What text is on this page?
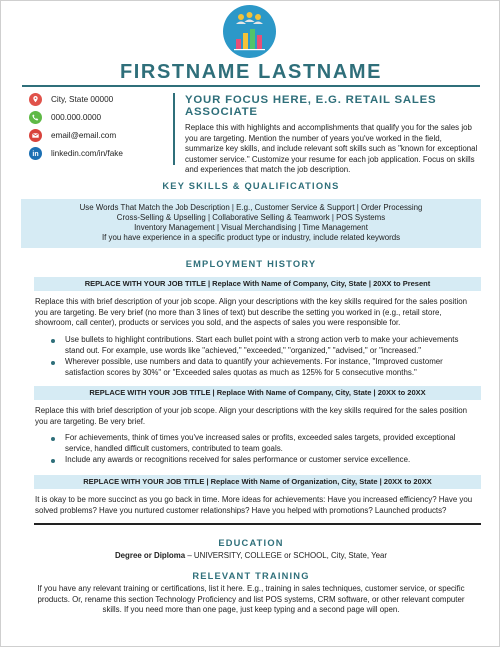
FIRSTNAME LASTNAME
City, State 00000
000.000.0000
email@email.com
in linkedin.com/in/fake
YOUR FOCUS HERE, E.G. RETAIL SALES ASSOCIATE
Replace this with highlights and accomplishments that qualify you for the sales job
you are targeting. Mention the number of years you've worked in the field,
summarize key skills, and include relevant soft skills such as "known for exceptional
customer service." Customize your resume for each job application. Focus on skills
and experiences that match the job description.
KEY SKILLS & QUALIFICATIONS
Use Words That Match the Job Description | E.g., Customer Service & Support | Order Processing
Cross-Selling & Upselling | Collaborative Selling & Teamwork | POS Systems
Inventory Management | Visual Merchandising | Time Management
If you have experience in a specific product type or industry, include related keywords
EMPLOYMENT HISTORY
REPLACE WITH YOUR JOB TITLE | Replace With Name of Company, City, State | 20XX to Present
Replace this with brief description of your job scope. Align your descriptions with the key skills required for the sales position
you are targeting. Be very brief (no more than 3 lines of text) but describe the setting you worked in (e.g., retail store,
showroom, call center), products or services you sold, and the aspects of sales you were responsible for.
Use bullets to highlight contributions. Start each bullet point with a strong action verb to make your achievements
stand out. For example, use words like "achieved," "exceeded," "organized," "advised," or "increased."
Wherever possible, use numbers and data to quantify your achievements. For instance, "Improved customer
satisfaction scores by 30%" or "Exceeded sales quotas as much as 125% for 5 consecutive months."
REPLACE WITH YOUR JOB TITLE | Replace With Name of Company, City, State | 20XX to 20XX
Replace this with brief description of your job scope. Align your descriptions with the key skills required for the sales position
you are targeting. Be very brief.
For achievements, think of times you've increased sales or profits, exceeded sales targets, provided exceptional
service, handled difficult customers, contributed to team goals.
Include any awards or recognitions received for sales performance or customer service excellence.
REPLACE WITH YOUR JOB TITLE | Replace With Name of Organization, City, State | 20XX to 20XX
It is okay to be more succinct as you go back in time. More ideas for achievements: Have you increased efficiency? Have you
solved problems? Have you nurtured customer relationships? Have you helped with promotions? Launched products?
EDUCATION
Degree or Diploma – UNIVERSITY, COLLEGE or SCHOOL, City, State, Year
RELEVANT TRAINING
If you have any relevant training or certifications, list it here. E.g., training in sales techniques, customer service, or specific
products. Or, rename this section Technology Proficiency and list POS systems, CRM software, or other relevant computer
skills. If you need more than one page, just keep typing and a second page will open.
